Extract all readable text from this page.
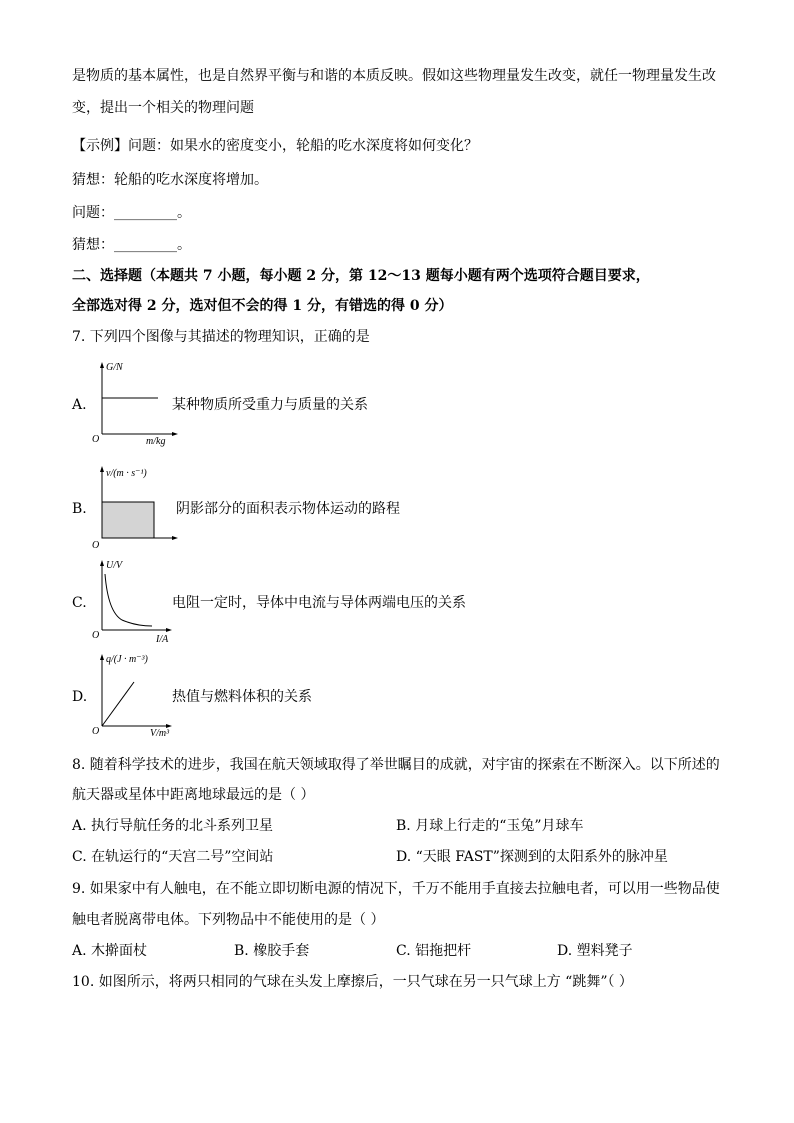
是物质的基本属性，也是自然界平衡与和谐的本质反映。假如这些物理量发生改变，就任一物理量发生改
变，提出一个相关的物理问题
【示例】问题：如果水的密度变小，轮船的吃水深度将如何变化？
猜想：轮船的吃水深度将增加。
问题：_________。
猜想：_________。
二、选择题（本题共 7 小题，每小题 2 分，第 12～13 题每小题有两个选项符合题目要求，
全部选对得 2 分，选对但不会的得 1 分，有错选的得 0 分）
7. 下列四个图像与其描述的物理知识，正确的是
A.
G/N
O	m/kg
某种物质所受重力与质量的关系
B.
v/(m · s⁻¹)
O
阴影部分的面积表示物体运动的路程
C.
U/V
O	I/A
电阻一定时，导体中电流与导体两端电压的关系
D.
q/(J · m⁻³)
O	V/m³
热值与燃料体积的关系
8. 随着科学技术的进步，我国在航天领域取得了举世瞩目的成就，对宇宙的探索在不断深入。以下所述的
航天器或星体中距离地球最远的是（ ）
A. 执行导航任务的北斗系列卫星	B. 月球上行走的“玉兔”月球车
C. 在轨运行的“天宫二号”空间站	D. “天眼 FAST”探测到的太阳系外的脉冲星
9. 如果家中有人触电，在不能立即切断电源的情况下，千万不能用手直接去拉触电者，可以用一些物品使
触电者脱离带电体。下列物品中不能使用的是（ ）
A. 木擀面杖	B. 橡胶手套	C. 铝拖把杆	D. 塑料凳子
10. 如图所示，将两只相同的气球在头发上摩擦后，一只气球在另一只气球上方 “跳舞”（ ）
